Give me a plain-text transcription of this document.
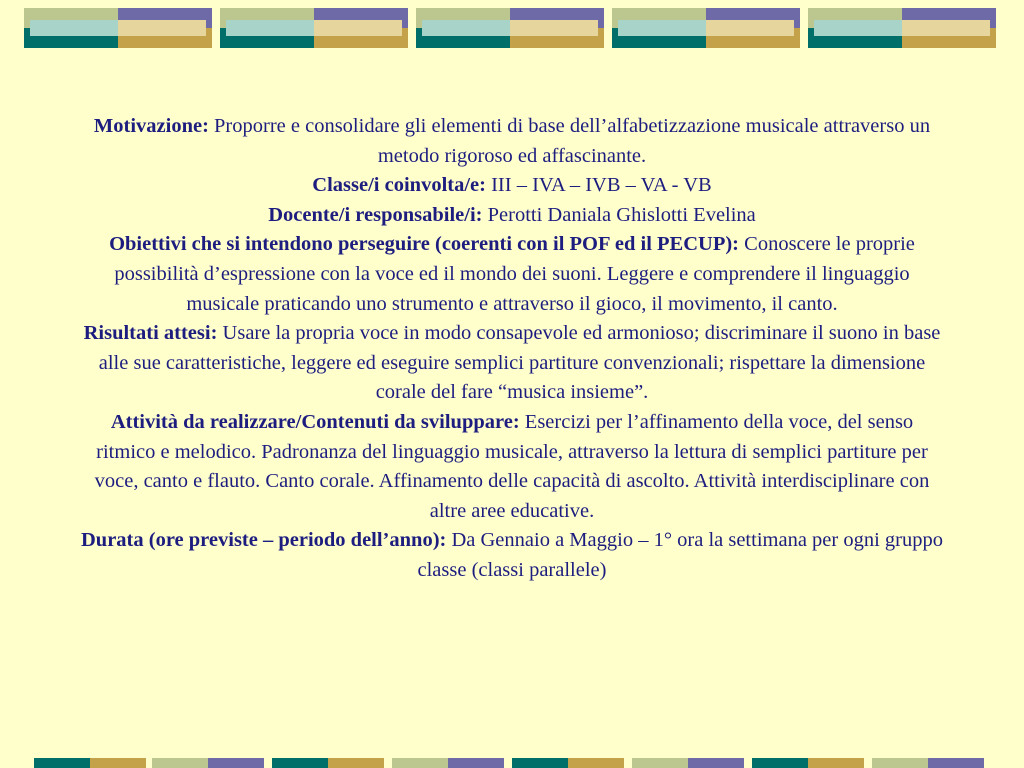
Motivazione: Proporre e consolidare gli elementi di base dell’alfabetizzazione musicale attraverso un metodo rigoroso ed affascinante.

Classe/i coinvolta/e: III – IVA – IVB – VA - VB

Docente/i responsabile/i: Perotti Daniala Ghislotti Evelina

Obiettivi che si intendono perseguire (coerenti con il POF ed il PECUP): Conoscere le proprie possibilità d’espressione con la voce ed il mondo dei suoni. Leggere e comprendere il linguaggio musicale praticando uno strumento e attraverso il gioco, il movimento, il canto.

Risultati attesi: Usare la propria voce in modo consapevole ed armonioso; discriminare il suono in base alle sue caratteristiche, leggere ed eseguire semplici partiture convenzionali; rispettare la dimensione corale del fare “musica insieme”.

Attività da realizzare/Contenuti da sviluppare: Esercizi per l’affinamento della voce, del senso ritmico e melodico. Padronanza del linguaggio musicale, attraverso la lettura di semplici partiture per voce, canto e flauto. Canto corale. Affinamento delle capacità di ascolto. Attività interdisciplinare con altre aree educative.

Durata (ore previste – periodo dell’anno): Da Gennaio a Maggio – 1° ora la settimana per ogni gruppo classe (classi parallele)
